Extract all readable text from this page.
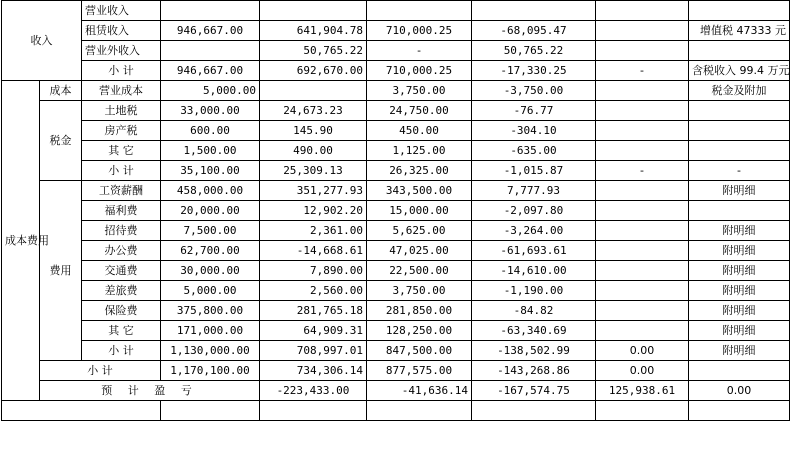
收入		营业收入							
		租赁收入	946,667.00	641,904.78	710,000.25	-68,095.47		增值税 47333 元	
		营业外收入		50,765.22	-	50,765.22			
		小 计	946,667.00	692,670.00	710,000.25	-17,330.25	-	含税收入 99.4 万元	
成本费用	成本	营业成本	5,000.00		3,750.00	-3,750.00		税金及附加	
	税金	土地税	33,000.00	24,673.23	24,750.00	-76.77			
		房产税	600.00	145.90	450.00	-304.10			
		其 它	1,500.00	490.00	1,125.00	-635.00			
		小 计	35,100.00	25,309.13	26,325.00	-1,015.87	-	-	
	费用	工资薪酬	458,000.00	351,277.93	343,500.00	7,777.93		附明细	
		福利费	20,000.00	12,902.20	15,000.00	-2,097.80			
		招待费	7,500.00	2,361.00	5,625.00	-3,264.00		附明细	
		办公费	62,700.00	-14,668.61	47,025.00	-61,693.61		附明细	
		交通费	30,000.00	7,890.00	22,500.00	-14,610.00		附明细	
		差旅费	5,000.00	2,560.00	3,750.00	-1,190.00		附明细	
		保险费	375,800.00	281,765.18	281,850.00	-84.82		附明细	
		其 它	171,000.00	64,909.31	128,250.00	-63,340.69		附明细	
		小 计	1,130,000.00	708,997.01	847,500.00	-138,502.99	0.00	附明细	
	小 计		1,170,100.00	734,306.14	877,575.00	-143,268.86	0.00		
	预 计 盈 亏			-223,433.00	-41,636.14	-167,574.75	125,938.61	0.00	
